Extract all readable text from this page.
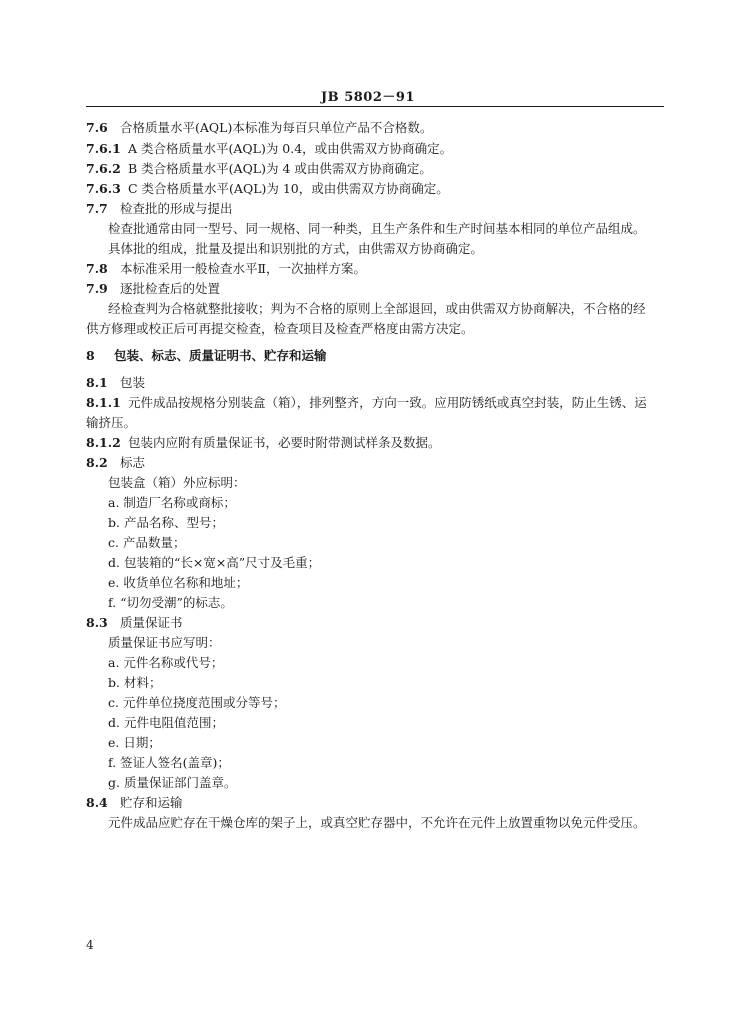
JB 5802－91
7.6 合格质量水平(AQL)本标准为每百只单位产品不合格数。
7.6.1 A 类合格质量水平(AQL)为 0.4，或由供需双方协商确定。
7.6.2 B 类合格质量水平(AQL)为 4 或由供需双方协商确定。
7.6.3 C 类合格质量水平(AQL)为 10，或由供需双方协商确定。
7.7 检查批的形成与提出
检查批通常由同一型号、同一规格、同一种类，且生产条件和生产时间基本相同的单位产品组成。
具体批的组成，批量及提出和识别批的方式，由供需双方协商确定。
7.8 本标准采用一般检查水平Ⅱ，一次抽样方案。
7.9 逐批检查后的处置
经检查判为合格就整批接收；判为不合格的原则上全部退回，或由供需双方协商解决，不合格的经
供方修理或校正后可再提交检查，检查项目及检查严格度由需方决定。
8 包装、标志、质量证明书、贮存和运输
8.1 包装
8.1.1 元件成品按规格分别装盒（箱），排列整齐，方向一致。应用防锈纸或真空封装，防止生锈、运
输挤压。
8.1.2 包装内应附有质量保证书，必要时附带测试样条及数据。
8.2 标志
包装盒（箱）外应标明：
a. 制造厂名称或商标；
b. 产品名称、型号；
c. 产品数量；
d. 包装箱的“长×宽×高”尺寸及毛重；
e. 收货单位名称和地址；
f. “切勿受潮”的标志。
8.3 质量保证书
质量保证书应写明：
a. 元件名称或代号；
b. 材料；
c. 元件单位挠度范围或分等号；
d. 元件电阻值范围；
e. 日期；
f. 签证人签名(盖章)；
g. 质量保证部门盖章。
8.4 贮存和运输
元件成品应贮存在干燥仓库的架子上，或真空贮存器中，不允许在元件上放置重物以免元件受压。
4
